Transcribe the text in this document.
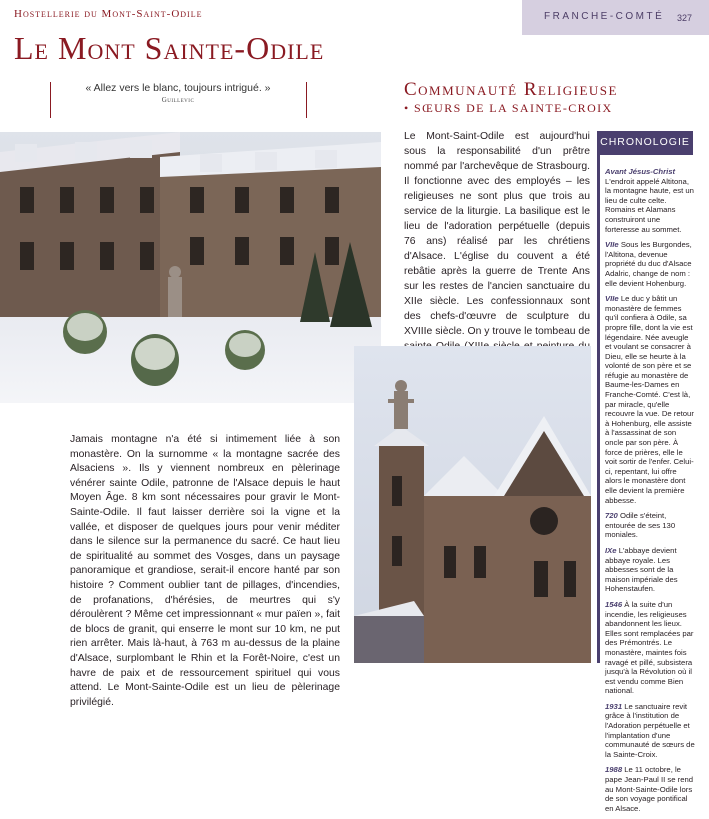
Hostellerie du Mont-Saint-Odile	FRANCHE-COMTÉ 327
Le Mont Sainte-Odile
« Allez vers le blanc, toujours intrigué. »
Guillevic	Communauté Religieuse
• SŒURS DE LA SAINTE-CROIX
Le Mont-Saint-Odile est aujourd'hui sous la responsabilité d'un prêtre nommé par l'archevêque de Strasbourg. Il fonctionne avec des employés – les religieuses ne sont plus que trois au service de la liturgie. La basilique est le lieu de l'adoration perpétuelle (depuis 76 ans) réalisé par les chrétiens d'Alsace. L'église du couvent a été rebâtie après la guerre de Trente Ans sur les restes de l'ancien sanctuaire du XIIe siècle. Les confessionnaux sont des chefs-d'œuvre de sculpture du XVIIIe siècle. On y trouve le tombeau de
Jamais montagne n'a été si intimement liée à son monastère. On la surnomme « la montagne sacrée des Alsaciens ». Ils y viennent nombreux en pèlerinage vénérer sainte Odile, patronne de l'Alsace depuis le haut Moyen Âge. 8 km sont nécessaires pour gravir le Mont-Sainte-Odile. Il faut laisser derrière soi la vigne et la vallée, et disposer de quelques jours pour venir méditer dans le silence sur la permanence du sacré. Ce haut lieu de spiritualité au sommet des Vosges, dans un paysage panoramique et grandiose, serait-il encore hanté par son histoire ? Comment oublier tant de pillages, d'incendies, de profanations, d'hérésies, de meurtres qui s'y déroulèrent ? Même cet impressionnant « mur païen », fait de blocs de granit, qui enserre le mont sur 10 km, ne put rien arrêter. Mais là-haut, à 763 m au-dessus de la plaine d'Alsace, surplombant le Rhin et la Forêt-Noire, c'est un havre de paix et de ressourcement spirituel qui vous attend. Le Mont-Sainte-Odile est un lieu de pèlerinage privilégié.
CHRONOLOGIE
Avant Jésus-Christ L'endroit appelé Altitona, la montagne haute, est un lieu de culte celte. Romains et Alamans construiront une forteresse au sommet.
VIIe Sous les Burgondes, l'Altitona, devenue propriété du duc d'Alsace Adalric, change de nom : elle devient Hohenburg.
VIIe Le duc y bâtit un monastère de femmes qu'il confiera à Odile, sa propre fille, dont la vie est légendaire. Née aveugle et voulant se consacrer à Dieu, elle se heurte à la volonté de son père et se réfugie au monastère de Baume-les-Dames en Franche-Comté. C'est là, par miracle, qu'elle recouvre la vue. De retour à Hohenburg, elle assiste à l'assassinat de son oncle par son père. À force de prières, elle le voit sortir de l'enfer. Celui-ci, repentant, lui offre alors le monastère dont elle devient la première abbesse.
720 Odile s'éteint, entourée de ses 130 moniales.
IXe L'abbaye devient abbaye royale. Les abbesses sont de la maison impériale des Hohenstaufen.
1546 À la suite d'un incendie, les religieuses abandonnent les lieux. Elles sont remplacées par des Prémontrés. Le monastère, maintes fois ravagé et pillé, subsistera jusqu'à la Révolution où il est vendu comme Bien national.
1931 Le sanctuaire revit grâce à l'institution de l'Adoration perpétuelle et l'implantation d'une communauté de sœurs de la Sainte-Croix.
1988 Le 11 octobre, le pape Jean-Paul II se rend au Mont-Sainte-Odile lors de son voyage pontifical en Alsace.
